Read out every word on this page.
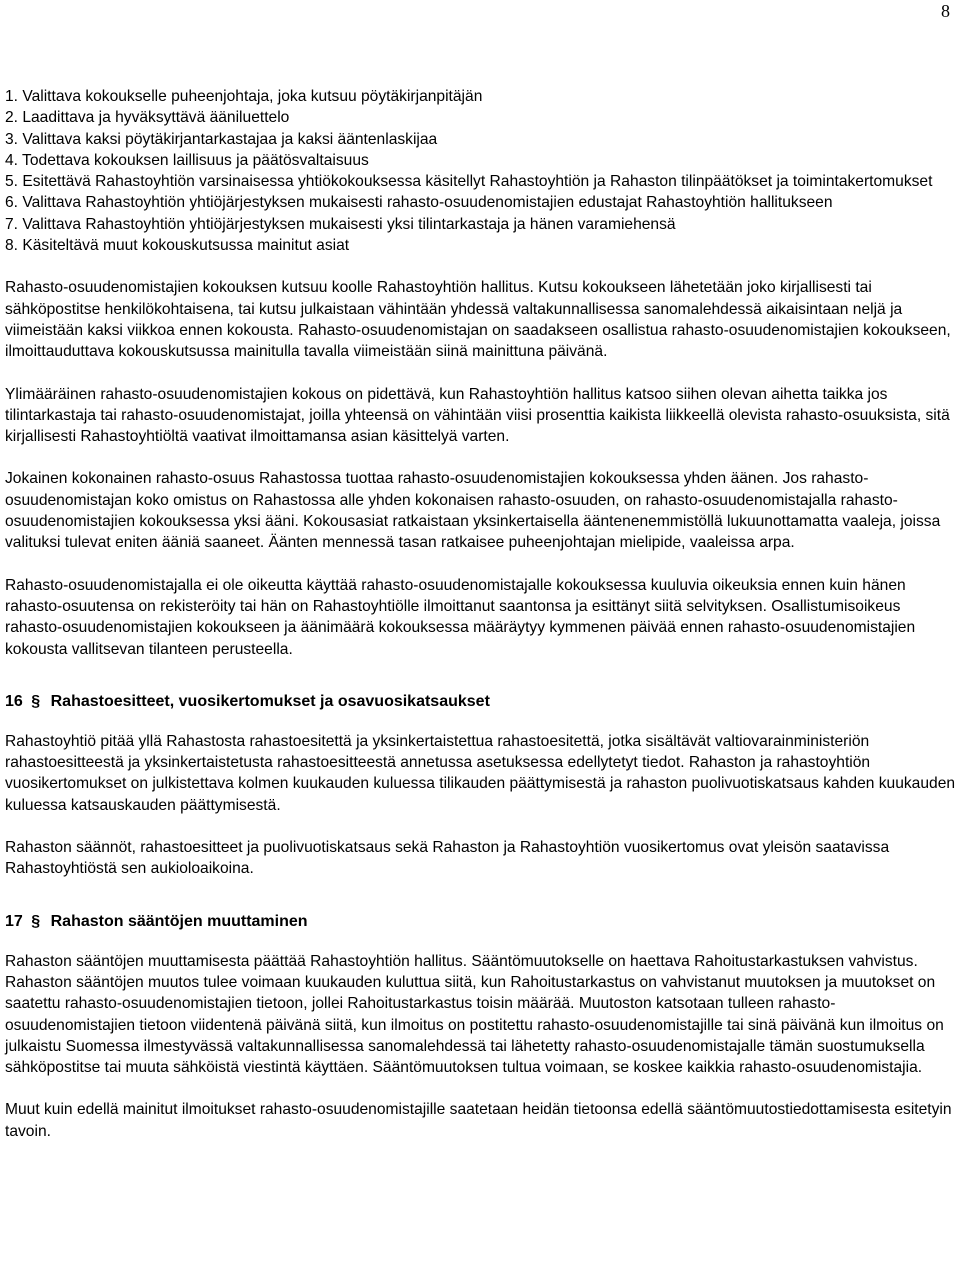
8
1. Valittava kokoukselle puheenjohtaja, joka kutsuu pöytäkirjanpitäjän
2. Laadittava ja hyväksyttävä ääniluettelo
3. Valittava kaksi pöytäkirjantarkastajaa ja kaksi ääntenlaskijaa
4. Todettava kokouksen laillisuus ja päätösvaltaisuus
5. Esitettävä Rahastoyhtiön varsinaisessa yhtiökokouksessa käsitellyt Rahastoyhtiön ja Rahaston tilinpäätökset ja toimintakertomukset
6. Valittava Rahastoyhtiön yhtiöjärjestyksen mukaisesti rahasto-osuudenomistajien edustajat Rahastoyhtiön hallitukseen
7. Valittava Rahastoyhtiön yhtiöjärjestyksen mukaisesti yksi tilintarkastaja ja hänen varamiehensä
8. Käsiteltävä muut kokouskutsussa mainitut asiat

Rahasto-osuudenomistajien kokouksen kutsuu koolle Rahastoyhtiön hallitus. Kutsu kokoukseen lähetetään joko kirjallisesti tai sähköpostitse henkilökohtaisena, tai kutsu julkaistaan vähintään yhdessä valtakunnallisessa sanomalehdessä aikaisintaan neljä ja viimeistään kaksi viikkoa ennen kokousta. Rahasto-osuudenomistajan on saadakseen osallistua rahasto-osuudenomistajien kokoukseen, ilmoittauduttava kokouskutsussa mainitulla tavalla viimeistään siinä mainittuna päivänä.

Ylimääräinen rahasto-osuudenomistajien kokous on pidettävä, kun Rahastoyhtiön hallitus katsoo siihen olevan aihetta taikka jos tilintarkastaja tai rahasto-osuudenomistajat, joilla yhteensä on vähintään viisi prosenttia kaikista liikkeellä olevista rahasto-osuuksista, sitä kirjallisesti Rahastoyhtiöltä vaativat ilmoittamansa asian käsittelyä varten.

Jokainen kokonainen rahasto-osuus Rahastossa tuottaa rahasto-osuudenomistajien kokouksessa yhden äänen. Jos rahasto-osuudenomistajan koko omistus on Rahastossa alle yhden kokonaisen rahasto-osuuden, on rahasto-osuudenomistajalla rahasto-osuudenomistajien kokouksessa yksi ääni. Kokousasiat ratkaistaan yksinkertaisella ääntenenemmistöllä lukuunottamatta vaaleja, joissa valituksi tulevat eniten ääniä saaneet. Äänten mennessä tasan ratkaisee puheenjohtajan mielipide, vaaleissa arpa.

Rahasto-osuudenomistajalla ei ole oikeutta käyttää rahasto-osuudenomistajalle kokouksessa kuuluvia oikeuksia ennen kuin hänen rahasto-osuutensa on rekisteröity tai hän on Rahastoyhtiölle ilmoittanut saantonsa ja esittänyt siitä selvityksen. Osallistumisoikeus rahasto-osuudenomistajien kokoukseen ja äänimäärä kokouksessa määräytyy kymmenen päivää ennen rahasto-osuudenomistajien kokousta vallitsevan tilanteen perusteella.

16 § Rahastoesitteet, vuosikertomukset ja osavuosikatsaukset

Rahastoyhtiö pitää yllä Rahastosta rahastoesitettä ja yksinkertaistettua rahastoesitettä, jotka sisältävät valtiovarainministeriön rahastoesitteestä ja yksinkertaistetusta rahastoesitteestä annetussa asetuksessa edellytetyt tiedot. Rahaston ja rahastoyhtiön vuosikertomukset on julkistettava kolmen kuukauden kuluessa tilikauden päättymisestä ja rahaston puolivuotiskatsaus kahden kuukauden kuluessa katsauskauden päättymisestä.

Rahaston säännöt, rahastoesitteet ja puolivuotiskatsaus sekä Rahaston ja Rahastoyhtiön vuosikertomus ovat yleisön saatavissa Rahastoyhtiöstä sen aukioloaikoina.

17 § Rahaston sääntöjen muuttaminen

Rahaston sääntöjen muuttamisesta päättää Rahastoyhtiön hallitus. Sääntömuutokselle on haettava Rahoitustarkastuksen vahvistus. Rahaston sääntöjen muutos tulee voimaan kuukauden kuluttua siitä, kun Rahoitustarkastus on vahvistanut muutoksen ja muutokset on saatettu rahasto-osuudenomistajien tietoon, jollei Rahoitustarkastus toisin määrää. Muutoston katsotaan tulleen rahasto-osuudenomistajien tietoon viidentenä päivänä siitä, kun ilmoitus on postitettu rahasto-osuudenomistajille tai sinä päivänä kun ilmoitus on julkaistu Suomessa ilmestyvässä valtakunnallisessa sanomalehdessä tai lähetetty rahasto-osuudenomistajalle tämän suostumuksella sähköpostitse tai muuta sähköistä viestintä käyttäen. Sääntömuutoksen tultua voimaan, se koskee kaikkia rahasto-osuudenomistajia.

Muut kuin edellä mainitut ilmoitukset rahasto-osuudenomistajille saatetaan heidän tietoonsa edellä sääntömuutostiedottamisesta esitetyin tavoin.
